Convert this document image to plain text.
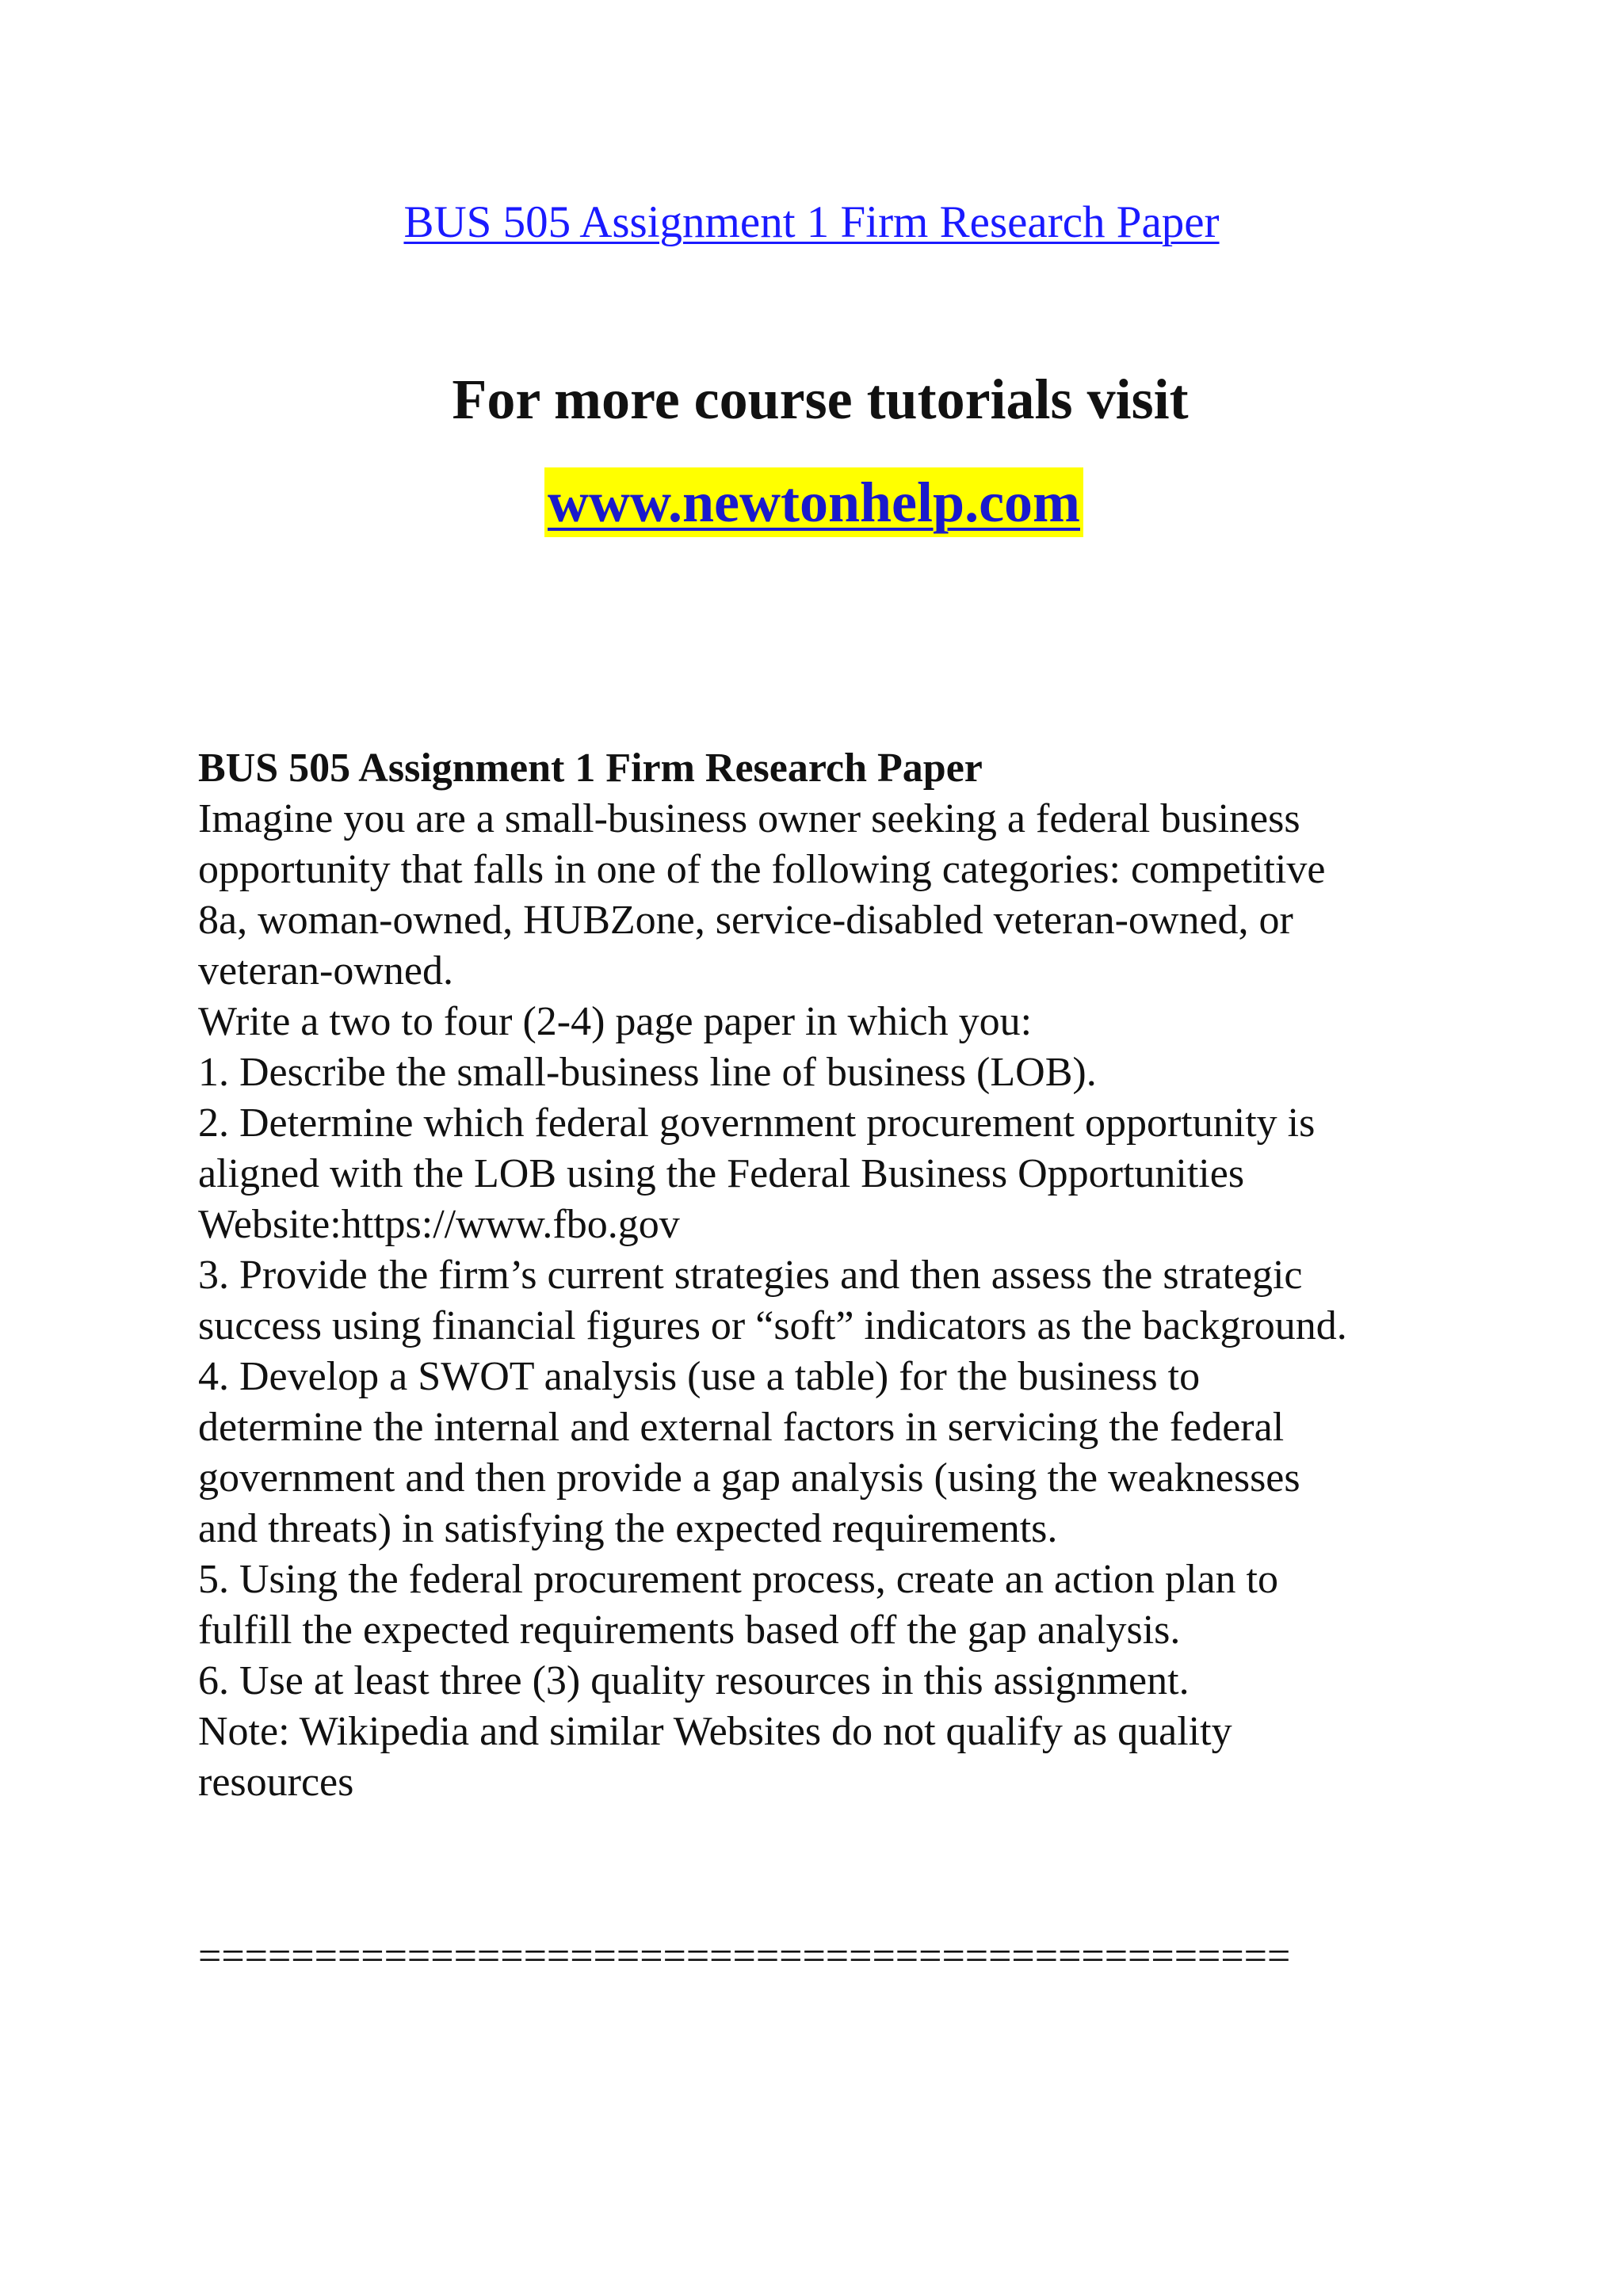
BUS 505 Assignment 1 Firm Research Paper
For more course tutorials visit
www.newtonhelp.com
BUS 505 Assignment 1 Firm Research Paper
Imagine you are a small-business owner seeking a federal business
opportunity that falls in one of the following categories: competitive
8a, woman-owned, HUBZone, service-disabled veteran-owned, or
veteran-owned.
Write a two to four (2-4) page paper in which you:
1. Describe the small-business line of business (LOB).
2. Determine which federal government procurement opportunity is
aligned with the LOB using the Federal Business Opportunities
Website:https://www.fbo.gov
3. Provide the firm’s current strategies and then assess the strategic
success using financial figures or “soft” indicators as the background.
4. Develop a SWOT analysis (use a table) for the business to
determine the internal and external factors in servicing the federal
government and then provide a gap analysis (using the weaknesses
and threats) in satisfying the expected requirements.
5. Using the federal procurement process, create an action plan to
fulfill the expected requirements based off the gap analysis.
6. Use at least three (3) quality resources in this assignment.
Note: Wikipedia and similar Websites do not qualify as quality
resources
===============================================
